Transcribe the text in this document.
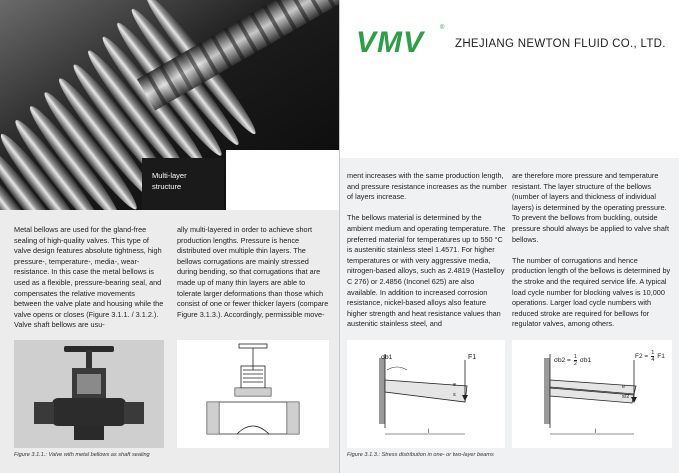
Multi-layer
structure

Metal bellows are used for the gland-free sealing of high-quality valves. This type of valve design features absolute tightness, high pressure-, temperature-, media-, wear-resistance. In this case the metal bellows is used as a flexible, pressure-bearing seal, and compensates the relative movements between the valve plate and housing while the valve opens or closes (Figure 3.1.1. / 3.1.2.). Valve shaft bellows are usu-

ally multi-layered in order to achieve short production lengths. Pressure is hence distributed over multiple thin layers. The bellows corrugations are mainly stressed during bending, so that corrugations that are made up of many thin layers are able to tolerate larger deformations than those which consist of one or fewer thicker layers (compare Figure 3.1.3.). Accordingly, permissible move-

Figure 3.1.1.: Valve with metal bellows as shaft sealing
VMV	®
ZHEJIANG NEWTON FLUID CO., LTD.

ment increases with the same production length, and pressure resistance increases as the number of layers increase.

The bellows material is determined by the ambient medium and operating temperature. The preferred material for temperatures up to 550 °C is austenitic stainless steel 1.4571. For higher temperatures or with very aggressive media, nitrogen-based alloys, such as 2.4819 (Hastelloy C 276) or 2.4856 (Inconel 625) are also available. In addition to increased corrosion resistance, nickel-based alloys also feature higher strength and heat resistance values than austenitic stainless steel, and

are therefore more pressure and temperature resistant. The layer structure of the bellows (number of layers and thickness of individual layers) is determined by the operating pressure. To prevent the bellows from buckling, outside pressure should always be applied to valve shaft bellows.

The number of corrugations and hence production length of the bellows is determined by the stroke and the required service life. A typical load cycle number for blocking valves is 10,000 operations. Larger load cycle numbers with reduced stroke are required for bellows for regulator valves, among others.

σb1	F1
e
s
l
$\sigma b2 = \frac{1}{2} \sigma b1$
$F2 = \frac{1}{4} F1$
e
s/2
l
Figure 3.1.3.: Stress distribution in one- or two-layer beams
